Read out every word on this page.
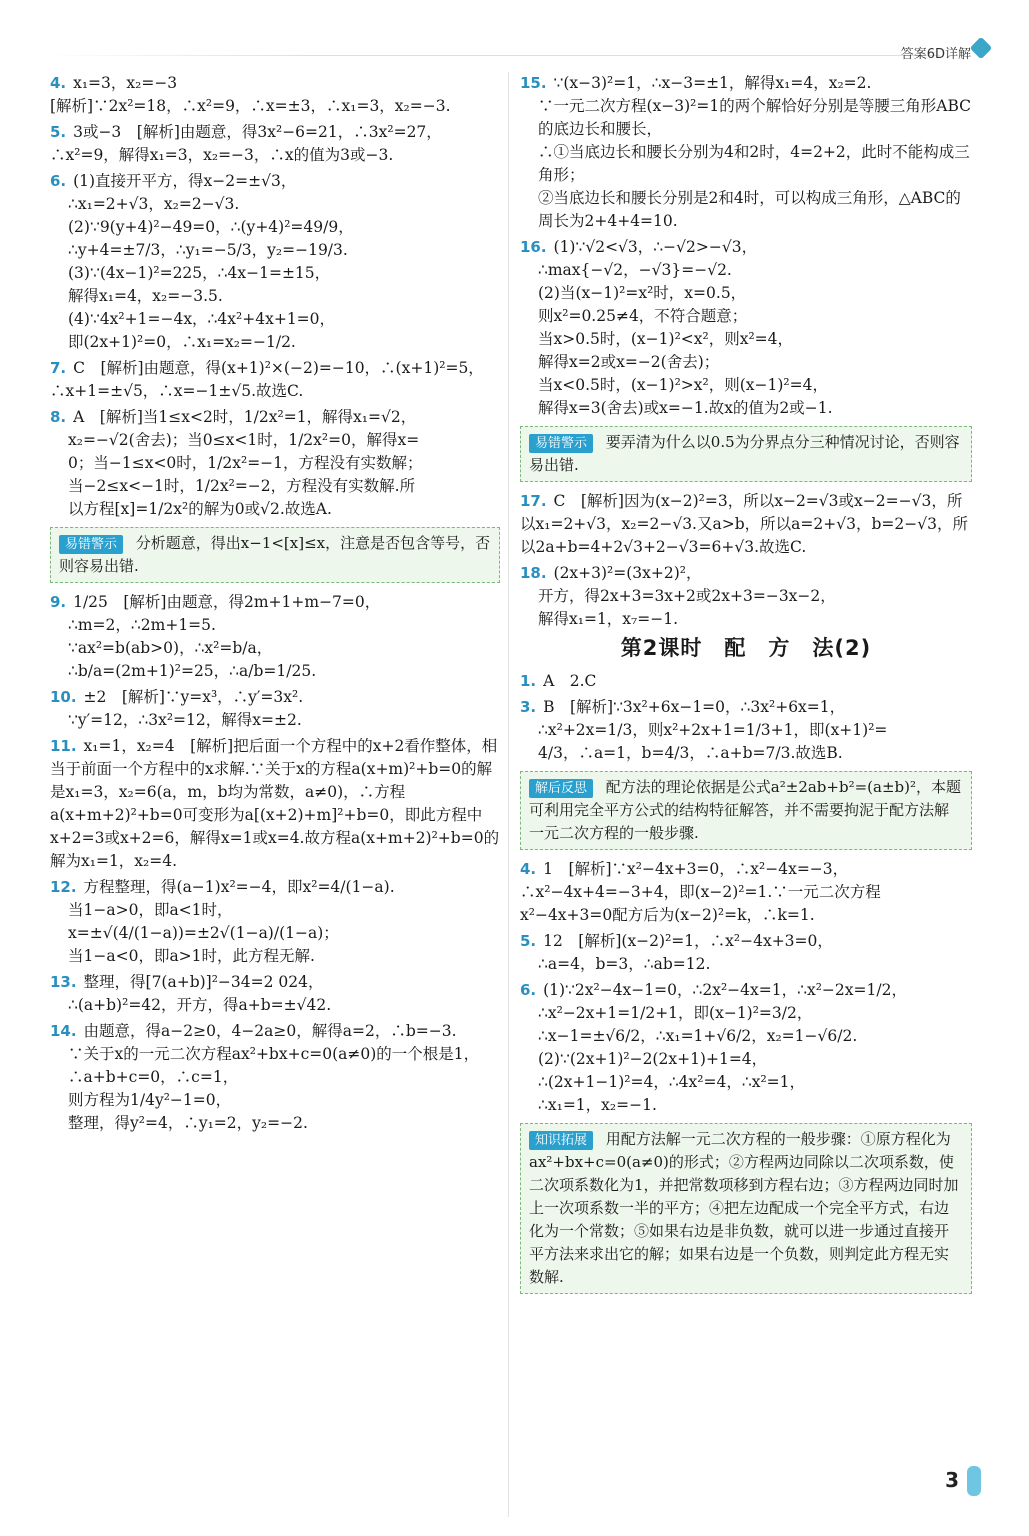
答案6D详解
4. x₁=3，x₂=−3
[解析]∵2x²=18，∴x²=9，∴x=±3，∴x₁=3，x₂=−3.
5. 3或−3　[解析]由题意，得3x²−6=21，∴3x²=27，∴x²=9，解得x₁=3，x₂=−3，∴x的值为3或−3.
6. (1)直接开平方，得x−2=±√3，
∴x₁=2+√3，x₂=2−√3.
(2)∵9(y+4)²−49=0，∴(y+4)²=49/9，
∴y+4=±7/3，∴y₁=−5/3，y₂=−19/3.
(3)∵(4x−1)²=225，∴4x−1=±15，
解得x₁=4，x₂=−3.5.
(4)∵4x²+1=−4x，∴4x²+4x+1=0，
即(2x+1)²=0，∴x₁=x₂=−1/2.
7. C　[解析]由题意，得(x+1)²×(−2)=−10，∴(x+1)²=5，∴x+1=±√5，∴x=−1±√5.故选C.
8. A　[解析]当1≤x<2时，1/2x²=1，解得x₁=√2，
x₂=−√2(舍去)；当0≤x<1时，1/2x²=0，解得x=
0；当−1≤x<0时，1/2x²=−1，方程没有实数解；
当−2≤x<−1时，1/2x²=−2，方程没有实数解.所
以方程[x]=1/2x²的解为0或√2.故选A.
易错警示 分析题意，得出x−1<[x]≤x，注意是否包含等号，否则容易出错.
9. 1/25　[解析]由题意，得2m+1+m−7=0，
∴m=2，∴2m+1=5.
∵ax²=b(ab>0)，∴x²=b/a，
∴b/a=(2m+1)²=25，∴a/b=1/25.
10. ±2　[解析]∵y=x³，∴y′=3x².
∵y′=12，∴3x²=12，解得x=±2.
11. x₁=1，x₂=4　[解析]把后面一个方程中的x+2看作整体，相当于前面一个方程中的x求解.∵关于x的方程a(x+m)²+b=0的解是x₁=3，x₂=6(a，m，b均为常数，a≠0)，∴方程a(x+m+2)²+b=0可变形为a[(x+2)+m]²+b=0，即此方程中x+2=3或x+2=6，解得x=1或x=4.故方程a(x+m+2)²+b=0的解为x₁=1，x₂=4.
12. 方程整理，得(a−1)x²=−4，即x²=4/(1−a).
当1−a>0，即a<1时，x=±√(4/(1−a))=±2√(1−a)/(1−a)；
当1−a<0，即a>1时，此方程无解.
13. 整理，得[7(a+b)]²−34=2 024，
∴(a+b)²=42，开方，得a+b=±√42.
14. 由题意，得a−2≥0，4−2a≥0，解得a=2，∴b=−3.
∵关于x的一元二次方程ax²+bx+c=0(a≠0)的一个根是1，∴a+b+c=0，∴c=1，
则方程为1/4y²−1=0，
整理，得y²=4，∴y₁=2，y₂=−2.
15. ∵(x−3)²=1，∴x−3=±1，解得x₁=4，x₂=2.
∵一元二次方程(x−3)²=1的两个解恰好分别是等腰三角形ABC的底边长和腰长，
∴①当底边长和腰长分别为4和2时，4=2+2，此时不能构成三角形；
②当底边长和腰长分别是2和4时，可以构成三角形，△ABC的周长为2+4+4=10.
16. (1)∵√2<√3，∴−√2>−√3，
∴max{−√2，−√3}=−√2.
(2)当(x−1)²=x²时，x=0.5，
则x²=0.25≠4，不符合题意；
当x>0.5时，(x−1)²<x²，则x²=4，
解得x=2或x=−2(舍去)；
当x<0.5时，(x−1)²>x²，则(x−1)²=4，
解得x=3(舍去)或x=−1.故x的值为2或−1.
易错警示 要弄清为什么以0.5为分界点分三种情况讨论，否则容易出错.
17. C　[解析]因为(x−2)²=3，所以x−2=√3或x−2=−√3，所以x₁=2+√3，x₂=2−√3.又a>b，所以a=2+√3，b=2−√3，所以2a+b=4+2√3+2−√3=6+√3.故选C.
18. (2x+3)²=(3x+2)²，
开方，得2x+3=3x+2或2x+3=−3x−2，
解得x₁=1，x₇=−1.
第2课时　配　方　法(2)
1. A　2.C
3. B　[解析]∵3x²+6x−1=0，∴3x²+6x=1，
∴x²+2x=1/3，则x²+2x+1=1/3+1，即(x+1)²=
4/3，∴a=1，b=4/3，∴a+b=7/3.故选B.
解后反思 配方法的理论依据是公式a²±2ab+b²=(a±b)²，本题可利用完全平方公式的结构特征解答，并不需要拘泥于配方法解一元二次方程的一般步骤.
4. 1　[解析]∵x²−4x+3=0，∴x²−4x=−3，∴x²−4x+4=−3+4，即(x−2)²=1.∵一元二次方程x²−4x+3=0配方后为(x−2)²=k，∴k=1.
5. 12　[解析](x−2)²=1，∴x²−4x+3=0，
∴a=4，b=3，∴ab=12.
6. (1)∵2x²−4x−1=0，∴2x²−4x=1，∴x²−2x=1/2，
∴x²−2x+1=1/2+1，即(x−1)²=3/2，
∴x−1=±√6/2，∴x₁=1+√6/2，x₂=1−√6/2.
(2)∵(2x+1)²−2(2x+1)+1=4，
∴(2x+1−1)²=4，∴4x²=4，∴x²=1，
∴x₁=1，x₂=−1.
知识拓展 用配方法解一元二次方程的一般步骤：①原方程化为ax²+bx+c=0(a≠0)的形式；②方程两边同除以二次项系数，使二次项系数化为1，并把常数项移到方程右边；③方程两边同时加上一次项系数一半的平方；④把左边配成一个完全平方式，右边化为一个常数；⑤如果右边是非负数，就可以进一步通过直接开平方法来求出它的解；如果右边是一个负数，则判定此方程无实数解.
3
